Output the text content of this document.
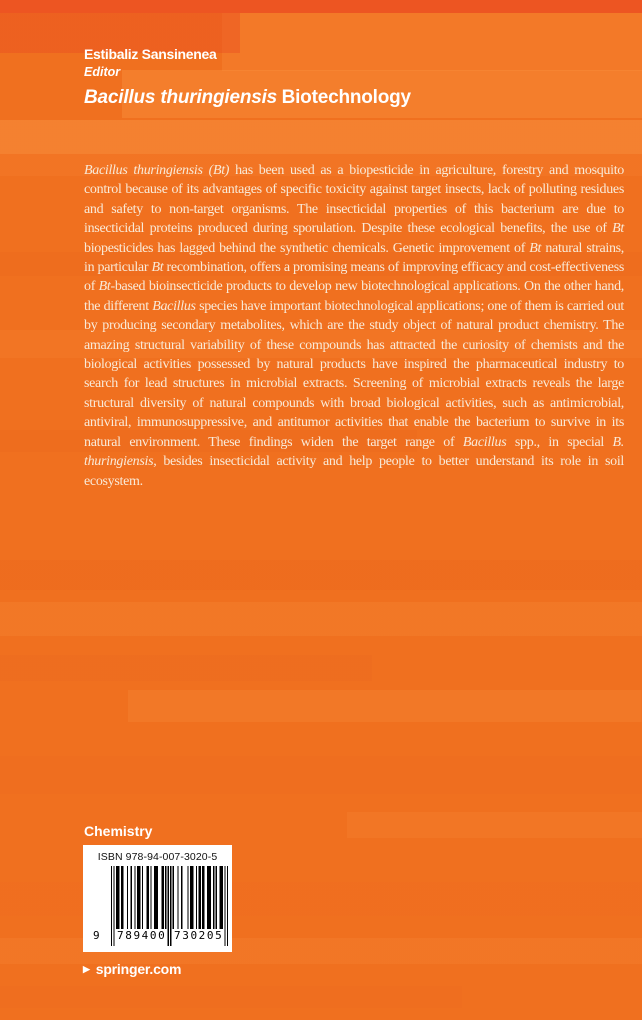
Estibaliz Sansinenea
Editor
Bacillus thuringiensis Biotechnology
Bacillus thuringiensis (Bt) has been used as a biopesticide in agriculture, forestry and mosquito control because of its advantages of specific toxicity against target insects, lack of polluting residues and safety to non-target organisms. The insecticidal properties of this bacterium are due to insecticidal proteins produced during sporulation. Despite these ecological benefits, the use of Bt biopesticides has lagged behind the synthetic chemicals. Genetic improvement of Bt natural strains, in particular Bt recombination, offers a promising means of improving efficacy and cost-effectiveness of Bt-based bioinsecticide products to develop new biotechnological applications. On the other hand, the different Bacillus species have important biotechnological applications; one of them is carried out by producing secondary metabolites, which are the study object of natural product chemistry. The amazing structural variability of these compounds has attracted the curiosity of chemists and the biological activities possessed by natural products have inspired the pharmaceutical industry to search for lead structures in microbial extracts. Screening of microbial extracts reveals the large structural diversity of natural compounds with broad biological activities, such as antimicrobial, antiviral, immunosuppressive, and antitumor activities that enable the bacterium to survive in its natural environment. These findings widen the target range of Bacillus spp., in special B. thuringiensis, besides insecticidal activity and help people to better understand its role in soil ecosystem.
Chemistry
ISBN 978-94-007-3020-5
9 789400 730205
▶ springer.com
